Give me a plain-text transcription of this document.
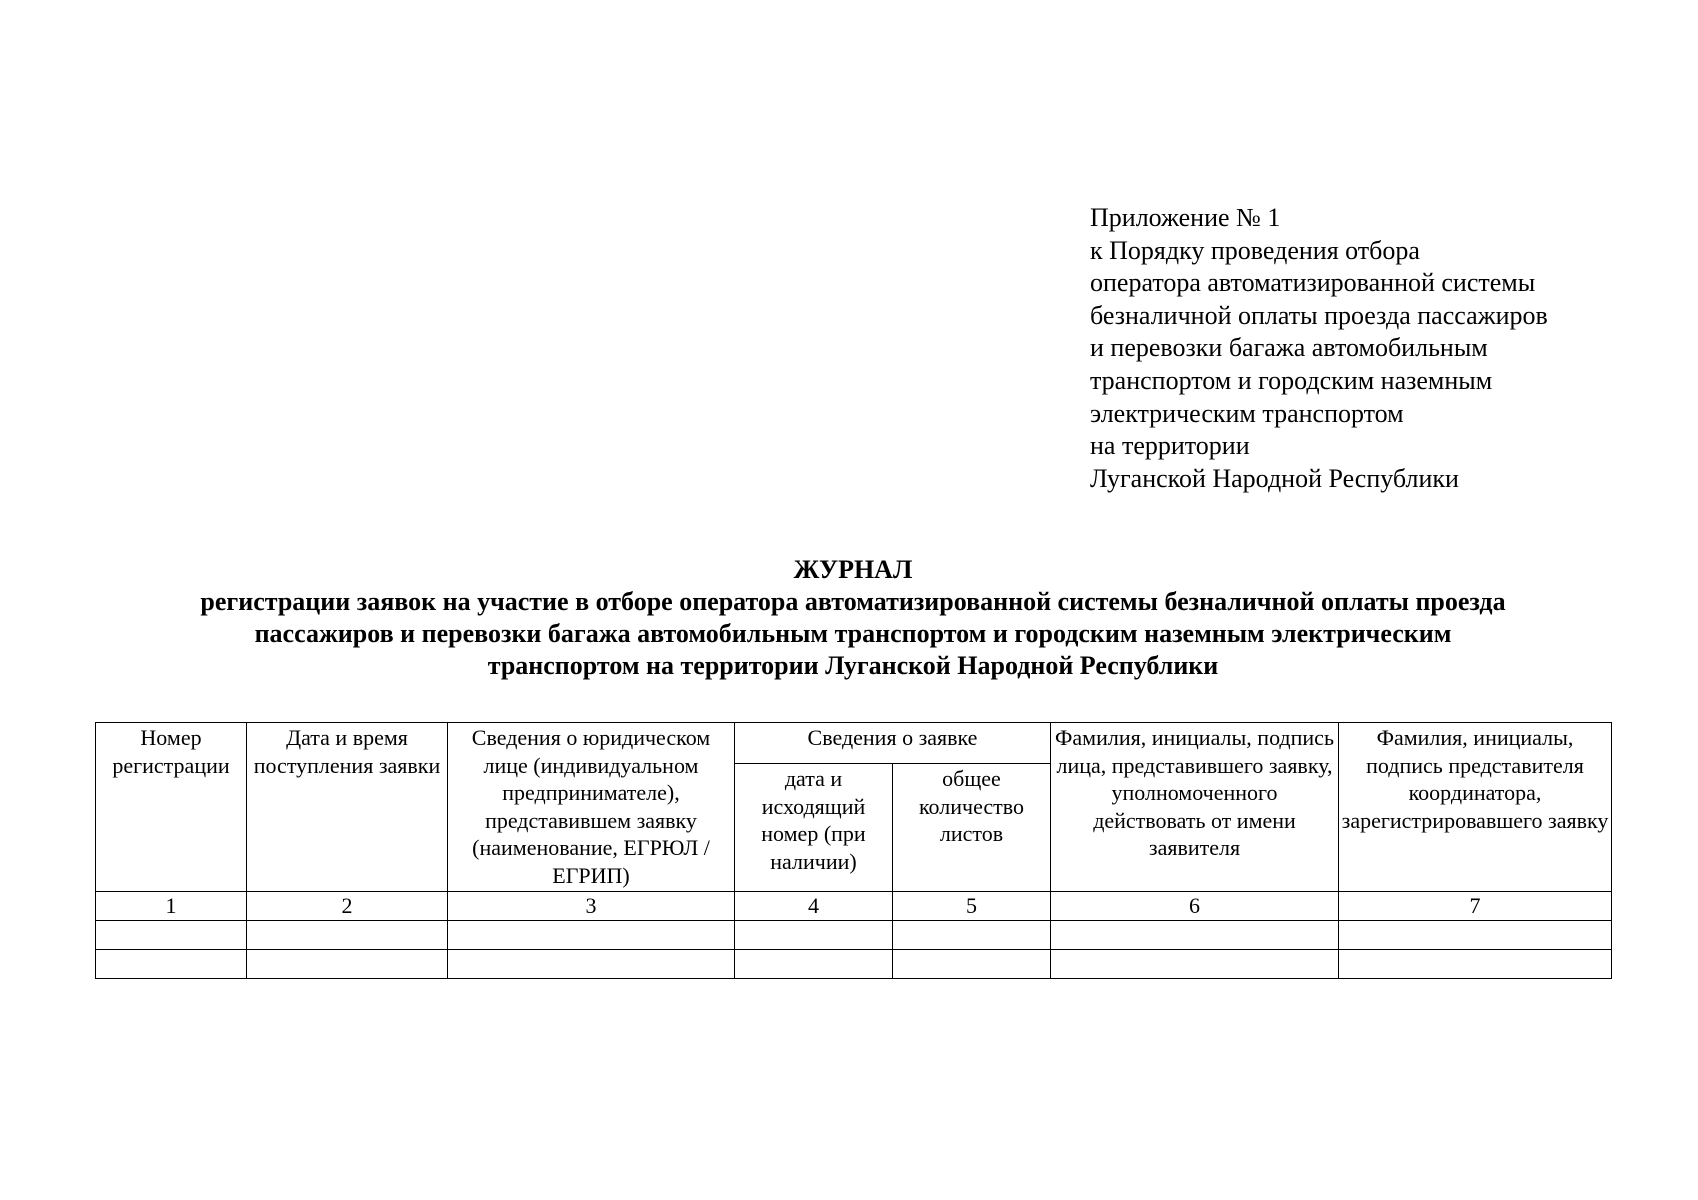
Приложение № 1
к Порядку проведения отбора
оператора автоматизированной системы
безналичной оплаты проезда пассажиров
и перевозки багажа автомобильным
транспортом и городским наземным
электрическим транспортом
на территории
Луганской Народной Республики
ЖУРНАЛ
регистрации заявок на участие в отборе оператора автоматизированной системы безналичной оплаты проезда
пассажиров и перевозки багажа автомобильным транспортом и городским наземным электрическим
транспортом на территории Луганской Народной Республики
Номер регистрации	Дата и время поступления заявки	Сведения о юридическом лице (индивидуальном предпринимателе), представившем заявку (наименование, ЕГРЮЛ / ЕГРИП)	Сведения о заявке		Фамилия, инициалы, подпись лица, представившего заявку, уполномоченного действовать от имени заявителя	Фамилия, инициалы, подпись представителя координатора, зарегистрировавшего заявку
			дата и исходящий номер (при наличии)	общее количество листов		
1	2	3	4	5	6	7
